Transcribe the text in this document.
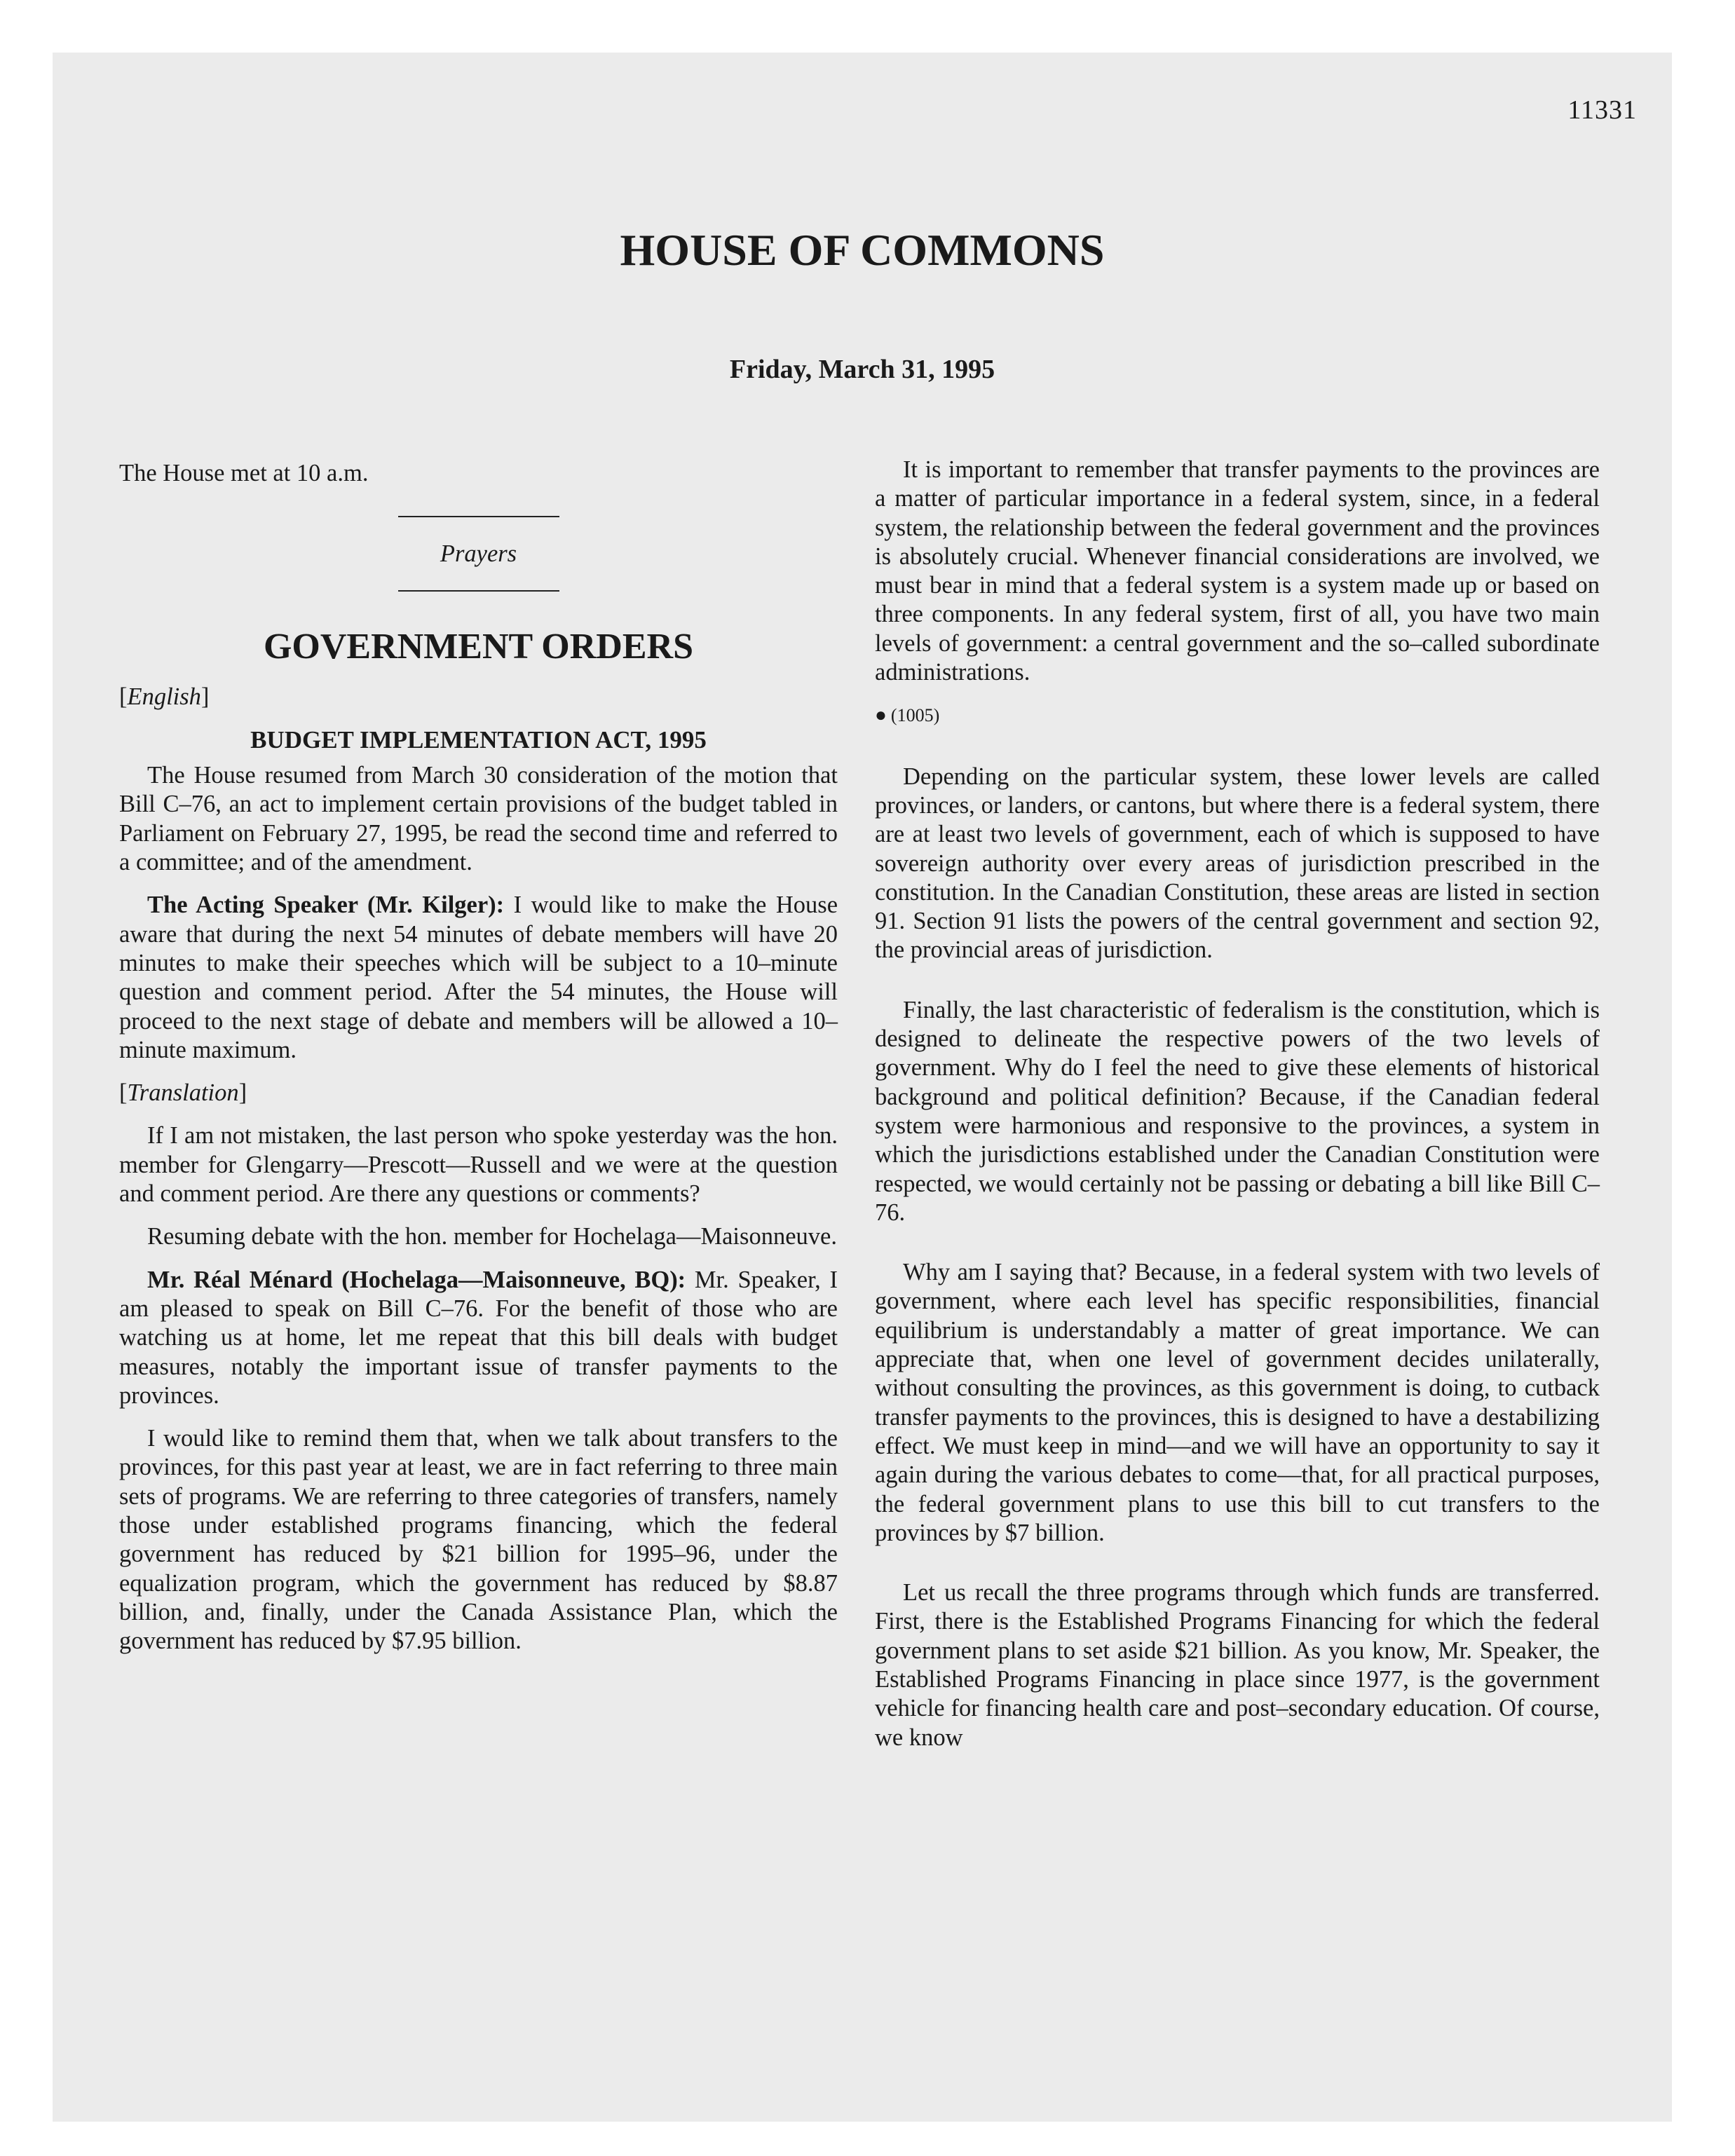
11331
HOUSE OF COMMONS
Friday, March 31, 1995

The House met at 10 a.m.

Prayers
GOVERNMENT ORDERS
[English]
BUDGET IMPLEMENTATION ACT, 1995

The House resumed from March 30 consideration of the motion that Bill C–76, an act to implement certain provisions of the budget tabled in Parliament on February 27, 1995, be read the second time and referred to a committee; and of the amendment.

The Acting Speaker (Mr. Kilger): I would like to make the House aware that during the next 54 minutes of debate members will have 20 minutes to make their speeches which will be subject to a 10–minute question and comment period. After the 54 minutes, the House will proceed to the next stage of debate and members will be allowed a 10–minute maximum.

[Translation]

If I am not mistaken, the last person who spoke yesterday was the hon. member for Glengarry—Prescott—Russell and we were at the question and comment period. Are there any questions or comments?

Resuming debate with the hon. member for Hochelaga—Maisonneuve.

Mr. Réal Ménard (Hochelaga—Maisonneuve, BQ): Mr. Speaker, I am pleased to speak on Bill C–76. For the benefit of those who are watching us at home, let me repeat that this bill deals with budget measures, notably the important issue of transfer payments to the provinces.

I would like to remind them that, when we talk about transfers to the provinces, for this past year at least, we are in fact referring to three main sets of programs. We are referring to three categories of transfers, namely those under established programs financing, which the federal government has reduced by $21 billion for 1995–96, under the equalization program, which the government has reduced by $8.87 billion, and, finally, under the Canada Assistance Plan, which the government has reduced by $7.95 billion.

It is important to remember that transfer payments to the provinces are a matter of particular importance in a federal system, since, in a federal system, the relationship between the federal government and the provinces is absolutely crucial. Whenever financial considerations are involved, we must bear in mind that a federal system is a system made up or based on three components. In any federal system, first of all, you have two main levels of government: a central government and the so–called subordinate administrations.

● (1005)

Depending on the particular system, these lower levels are called provinces, or landers, or cantons, but where there is a federal system, there are at least two levels of government, each of which is supposed to have sovereign authority over every areas of jurisdiction prescribed in the constitution. In the Canadian Constitution, these areas are listed in section 91. Section 91 lists the powers of the central government and section 92, the provincial areas of jurisdiction.

Finally, the last characteristic of federalism is the constitution, which is designed to delineate the respective powers of the two levels of government. Why do I feel the need to give these elements of historical background and political definition? Because, if the Canadian federal system were harmonious and responsive to the provinces, a system in which the jurisdictions established under the Canadian Constitution were respected, we would certainly not be passing or debating a bill like Bill C–76.

Why am I saying that? Because, in a federal system with two levels of government, where each level has specific responsibilities, financial equilibrium is understandably a matter of great importance. We can appreciate that, when one level of government decides unilaterally, without consulting the provinces, as this government is doing, to cutback transfer payments to the provinces, this is designed to have a destabilizing effect. We must keep in mind—and we will have an opportunity to say it again during the various debates to come—that, for all practical purposes, the federal government plans to use this bill to cut transfers to the provinces by $7 billion.

Let us recall the three programs through which funds are transferred. First, there is the Established Programs Financing for which the federal government plans to set aside $21 billion. As you know, Mr. Speaker, the Established Programs Financing in place since 1977, is the government vehicle for financing health care and post–secondary education. Of course, we know
